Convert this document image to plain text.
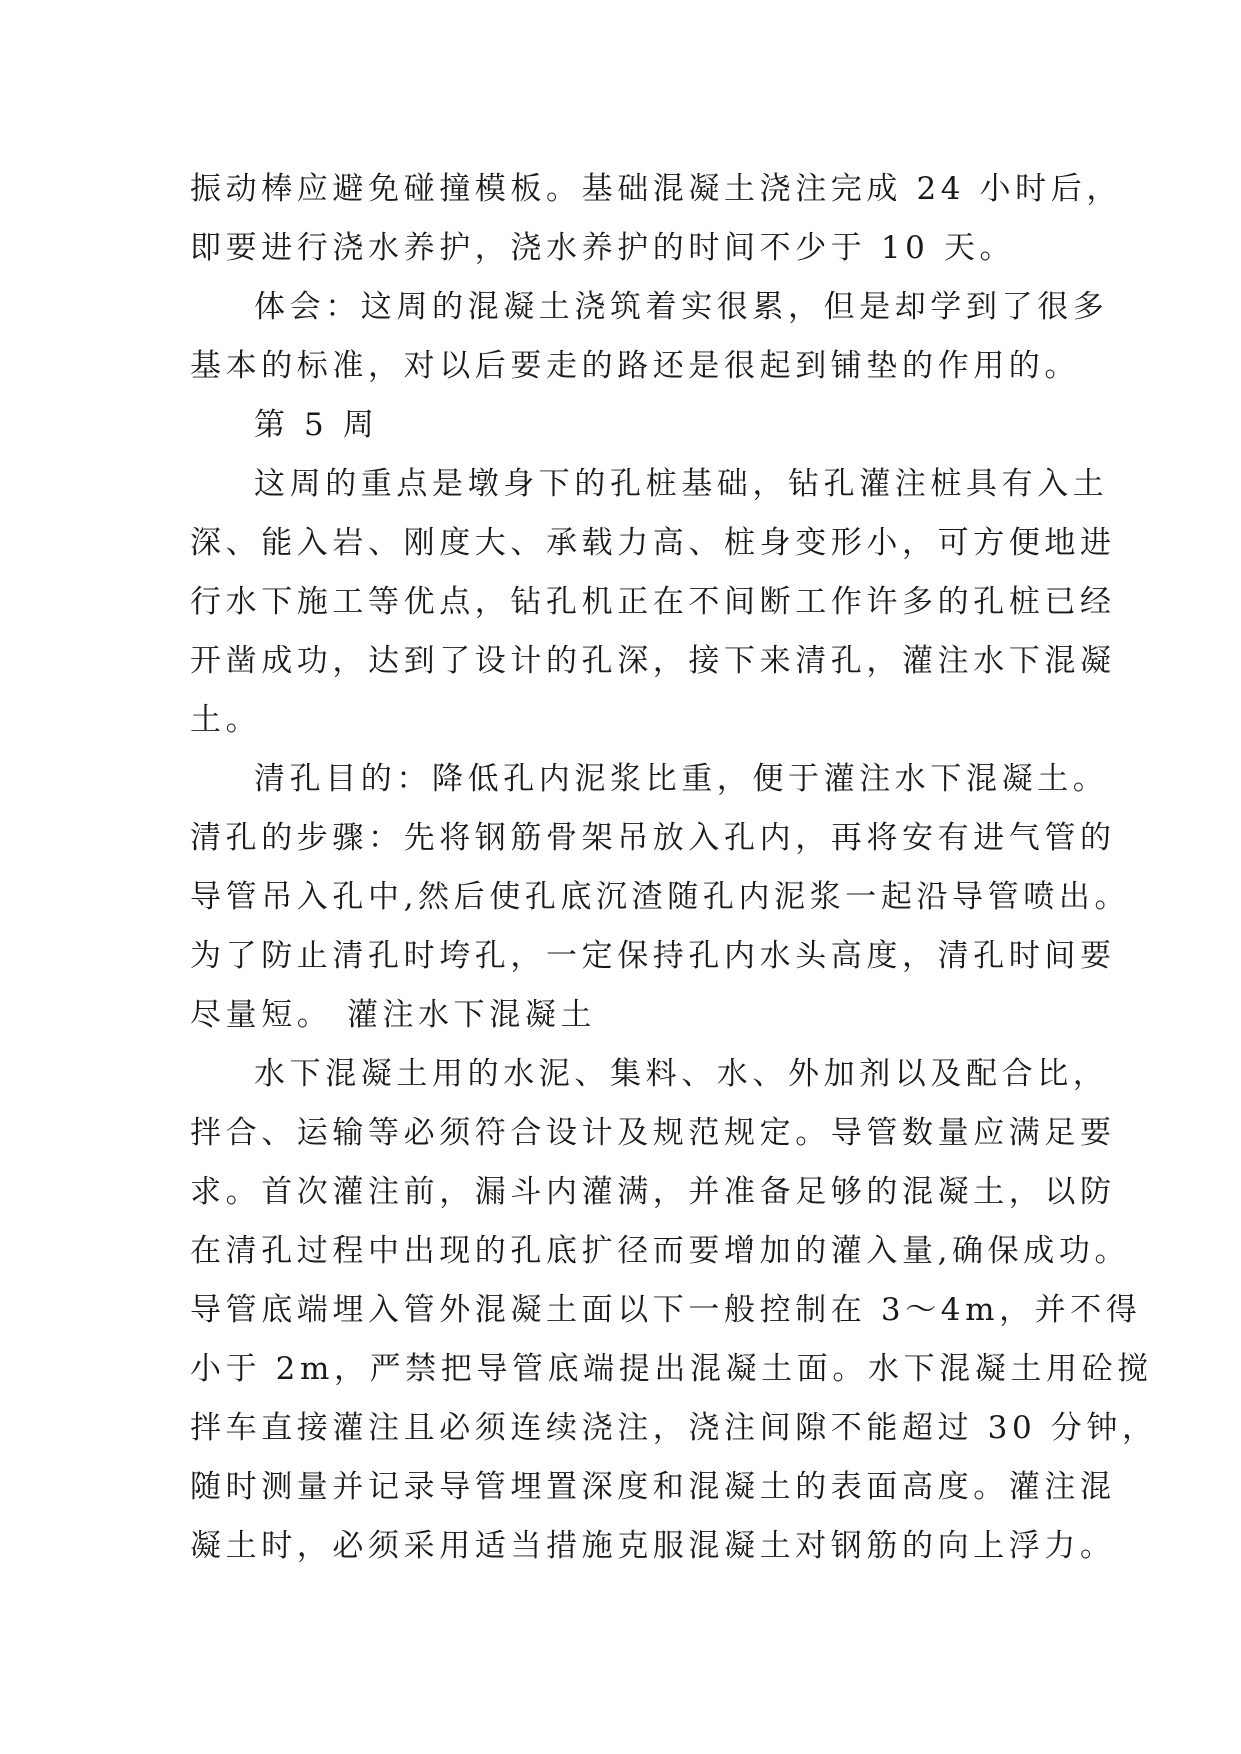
振动棒应避免碰撞模板。基础混凝土浇注完成 24 小时后，
即要进行浇水养护，浇水养护的时间不少于 10 天。
体会：这周的混凝土浇筑着实很累，但是却学到了很多
基本的标准，对以后要走的路还是很起到铺垫的作用的。
第 5 周
这周的重点是墩身下的孔桩基础，钻孔灌注桩具有入土
深、能入岩、刚度大、承载力高、桩身变形小，可方便地进
行水下施工等优点，钻孔机正在不间断工作许多的孔桩已经
开凿成功，达到了设计的孔深，接下来清孔，灌注水下混凝
土。
清孔目的：降低孔内泥浆比重，便于灌注水下混凝土。
清孔的步骤：先将钢筋骨架吊放入孔内，再将安有进气管的
导管吊入孔中,然后使孔底沉渣随孔内泥浆一起沿导管喷出。
为了防止清孔时垮孔，一定保持孔内水头高度，清孔时间要
尽量短。 灌注水下混凝土
水下混凝土用的水泥、集料、水、外加剂以及配合比，
拌合、运输等必须符合设计及规范规定。导管数量应满足要
求。首次灌注前，漏斗内灌满，并准备足够的混凝土，以防
在清孔过程中出现的孔底扩径而要增加的灌入量,确保成功。
导管底端埋入管外混凝土面以下一般控制在 3～4m，并不得
小于 2m，严禁把导管底端提出混凝土面。水下混凝土用砼搅
拌车直接灌注且必须连续浇注，浇注间隙不能超过 30 分钟，
随时测量并记录导管埋置深度和混凝土的表面高度。灌注混
凝土时，必须采用适当措施克服混凝土对钢筋的向上浮力。
